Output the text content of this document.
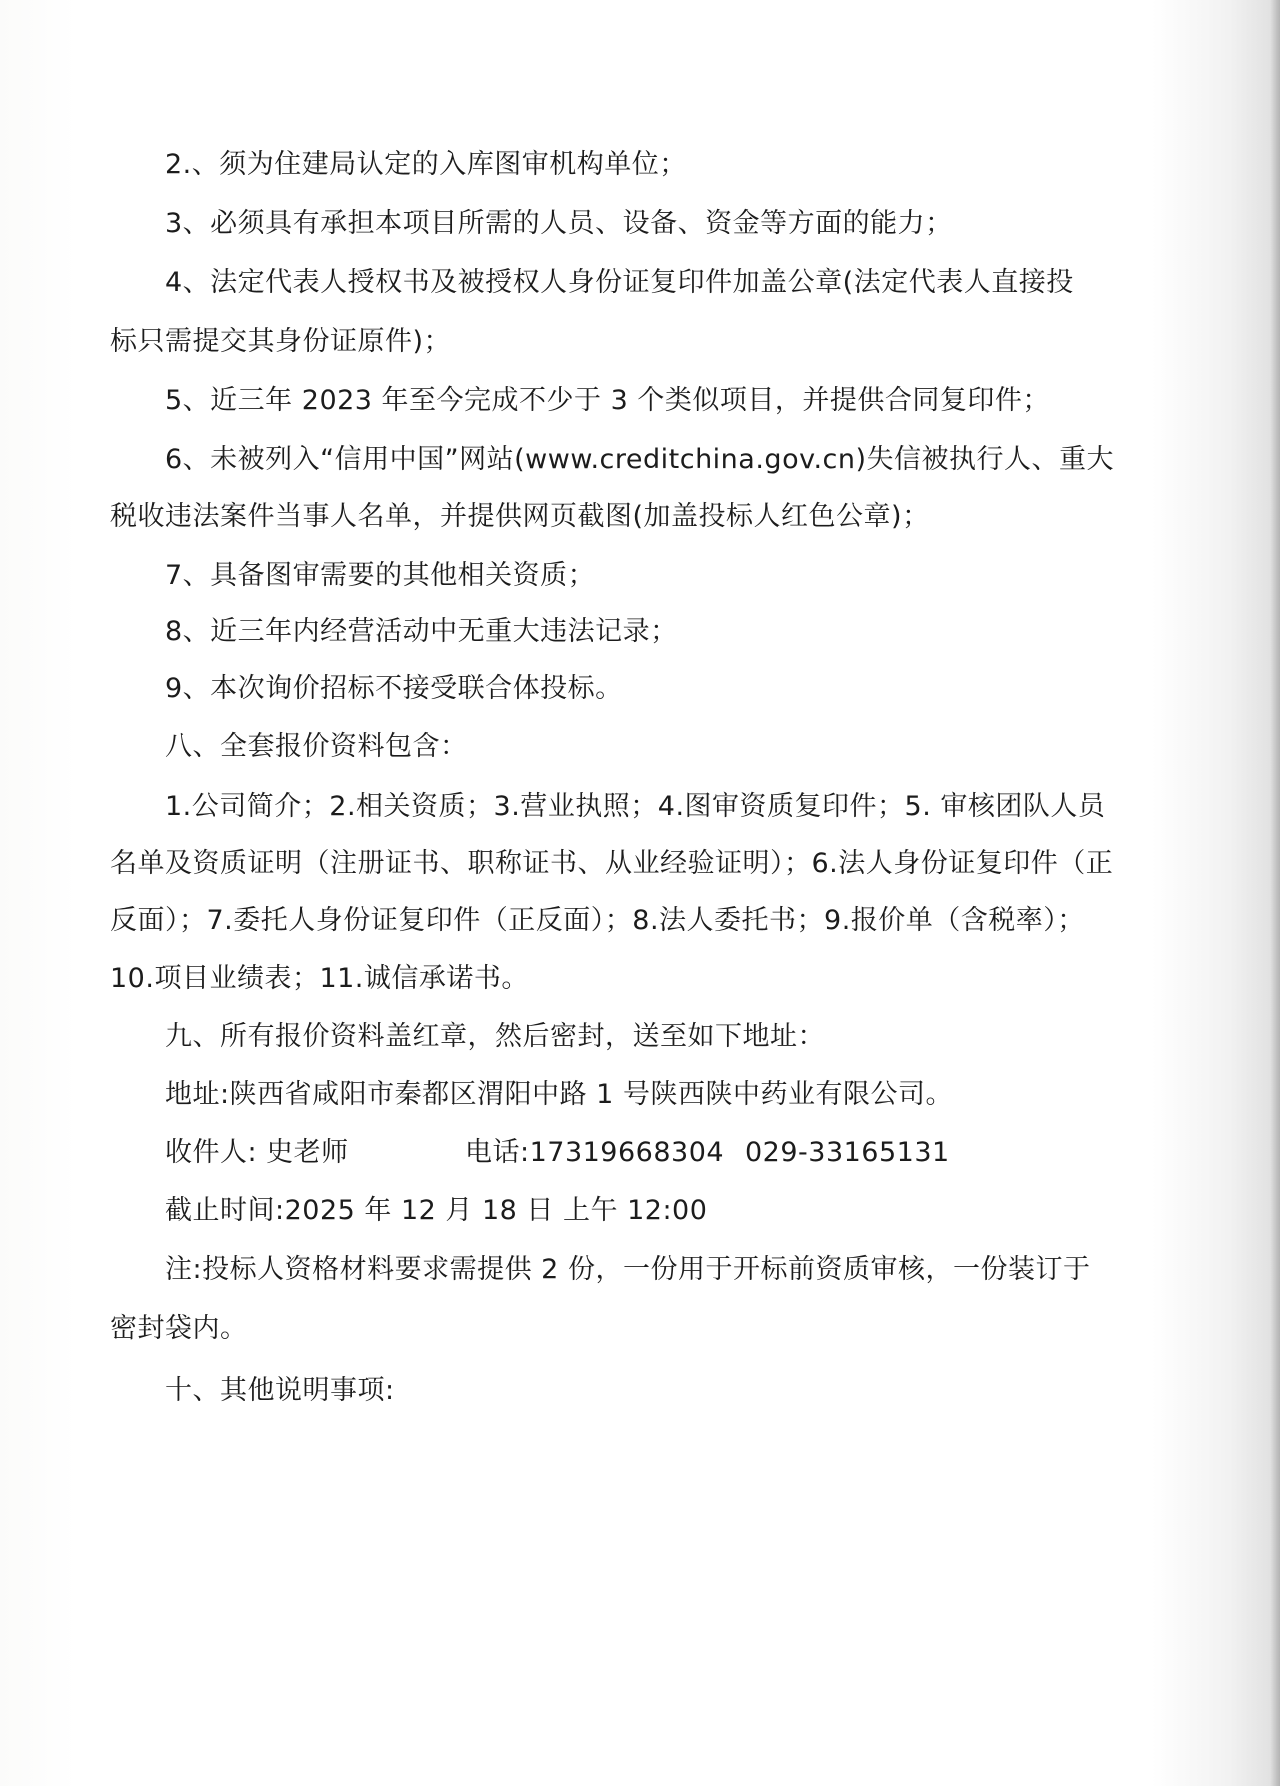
2.、须为住建局认定的入库图审机构单位；
3、必须具有承担本项目所需的人员、设备、资金等方面的能力；
4、法定代表人授权书及被授权人身份证复印件加盖公章(法定代表人直接投
标只需提交其身份证原件)；
5、近三年 2023 年至今完成不少于 3 个类似项目，并提供合同复印件；
6、未被列入“信用中国”网站(www.creditchina.gov.cn)失信被执行人、重大
税收违法案件当事人名单，并提供网页截图(加盖投标人红色公章)；
7、具备图审需要的其他相关资质；
8、近三年内经营活动中无重大违法记录；
9、本次询价招标不接受联合体投标。
八、全套报价资料包含：
1.公司简介；2.相关资质；3.营业执照；4.图审资质复印件；5. 审核团队人员
名单及资质证明（注册证书、职称证书、从业经验证明）；6.法人身份证复印件（正
反面）；7.委托人身份证复印件（正反面）；8.法人委托书；9.报价单（含税率）；
10.项目业绩表；11.诚信承诺书。
九、所有报价资料盖红章，然后密封，送至如下地址：
地址:陕西省咸阳市秦都区渭阳中路 1 号陕西陕中药业有限公司。
收件人: 史老师	电话:17319668304 029-33165131
截止时间:2025 年 12 月 18 日 上午 12:00
注:投标人资格材料要求需提供 2 份，一份用于开标前资质审核，一份装订于
密封袋内。
十、其他说明事项:
